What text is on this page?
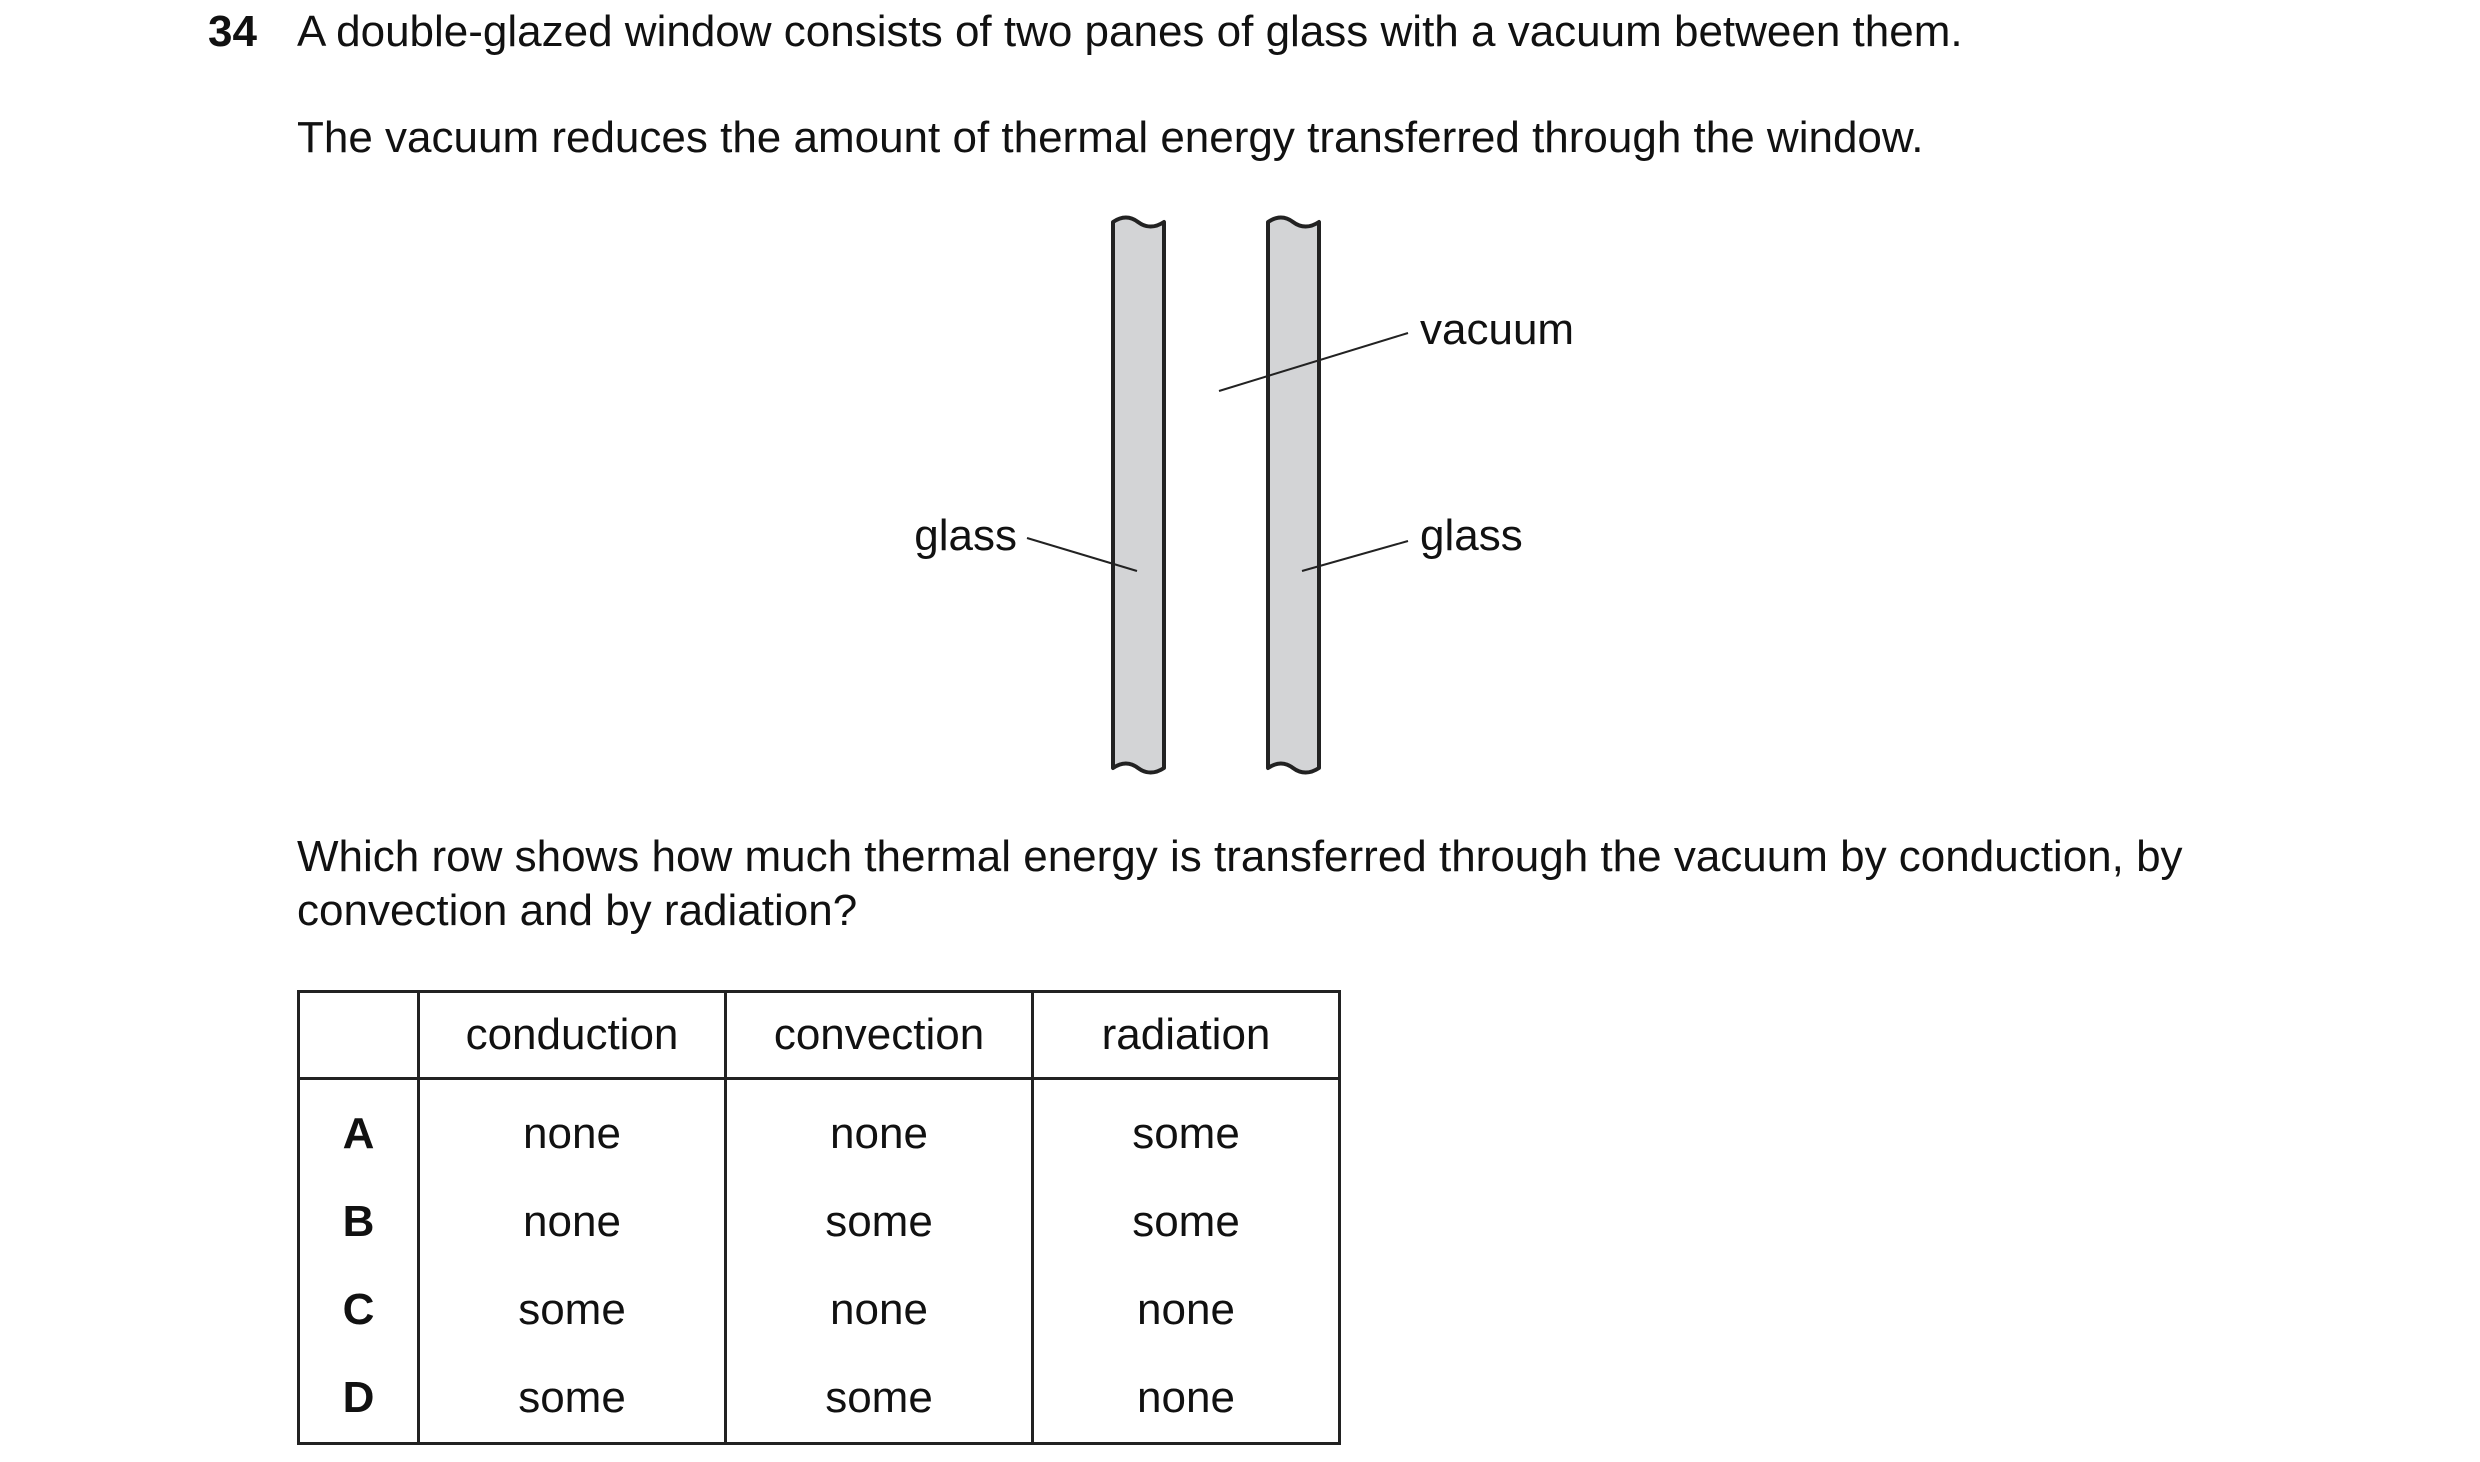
34 A double-glazed window consists of two panes of glass with a vacuum between them.
The vacuum reduces the amount of thermal energy transferred through the window.
vacuum
glass	glass
Which row shows how much thermal energy is transferred through the vacuum by conduction, by convection and by radiation?
	conduction	convection	radiation
A	none	none	some
B	none	some	some
C	some	none	none
D	some	some	none
